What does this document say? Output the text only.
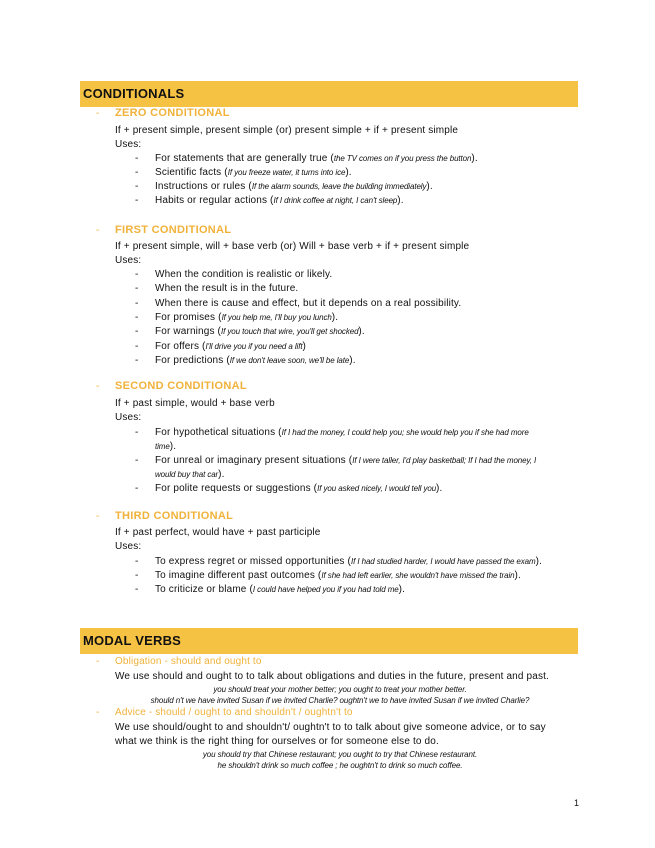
CONDITIONALS
- ZERO CONDITIONAL
If + present simple, present simple (or) present simple + if + present simple
Uses:
- For statements that are generally true (the TV comes on if you press the button).
- Scientific facts (If you freeze water, it turns into ice).
- Instructions or rules (If the alarm sounds, leave the building immediately).
- Habits or regular actions (If I drink coffee at night, I can't sleep).
- FIRST CONDITIONAL
If + present simple, will + base verb (or) Will + base verb + if + present simple
Uses:
- When the condition is realistic or likely.
- When the result is in the future.
- When there is cause and effect, but it depends on a real possibility.
- For promises (If you help me, I'll buy you lunch).
- For warnings (If you touch that wire, you'll get shocked).
- For offers (I'll drive you if you need a lift)
- For predictions (If we don't leave soon, we'll be late).
- SECOND CONDITIONAL
If + past simple, would + base verb
Uses:
- For hypothetical situations (If I had the money, I could help you; she would help you if she had more
time).
- For unreal or imaginary present situations (If I were taller, I'd play basketball; If I had the money, I
would buy that car).
- For polite requests or suggestions (If you asked nicely, I would tell you).
- THIRD CONDITIONAL
If + past perfect, would have + past participle
Uses:
- To express regret or missed opportunities (If I had studied harder, I would have passed the exam).
- To imagine different past outcomes (If she had left earlier, she wouldn't have missed the train).
- To criticize or blame (I could have helped you if you had told me).
MODAL VERBS
- Obligation - should and ought to
We use should and ought to to talk about obligations and duties in the future, present and past.
you should treat your mother better; you ought to treat your mother better.
should n't we have invited Susan if we invited Charlie? oughtn't we to have invited Susan if we invited Charlie?
- Advice - should / ought to and shouldn't / oughtn't to
We use should/ought to and shouldn't/ oughtn't to to talk about give someone advice, or to say
what we think is the right thing for ourselves or for someone else to do.
you should try that Chinese restaurant; you ought to try that Chinese restaurant.
he shouldn't drink so much coffee ; he oughtn't to drink so much coffee.
1
